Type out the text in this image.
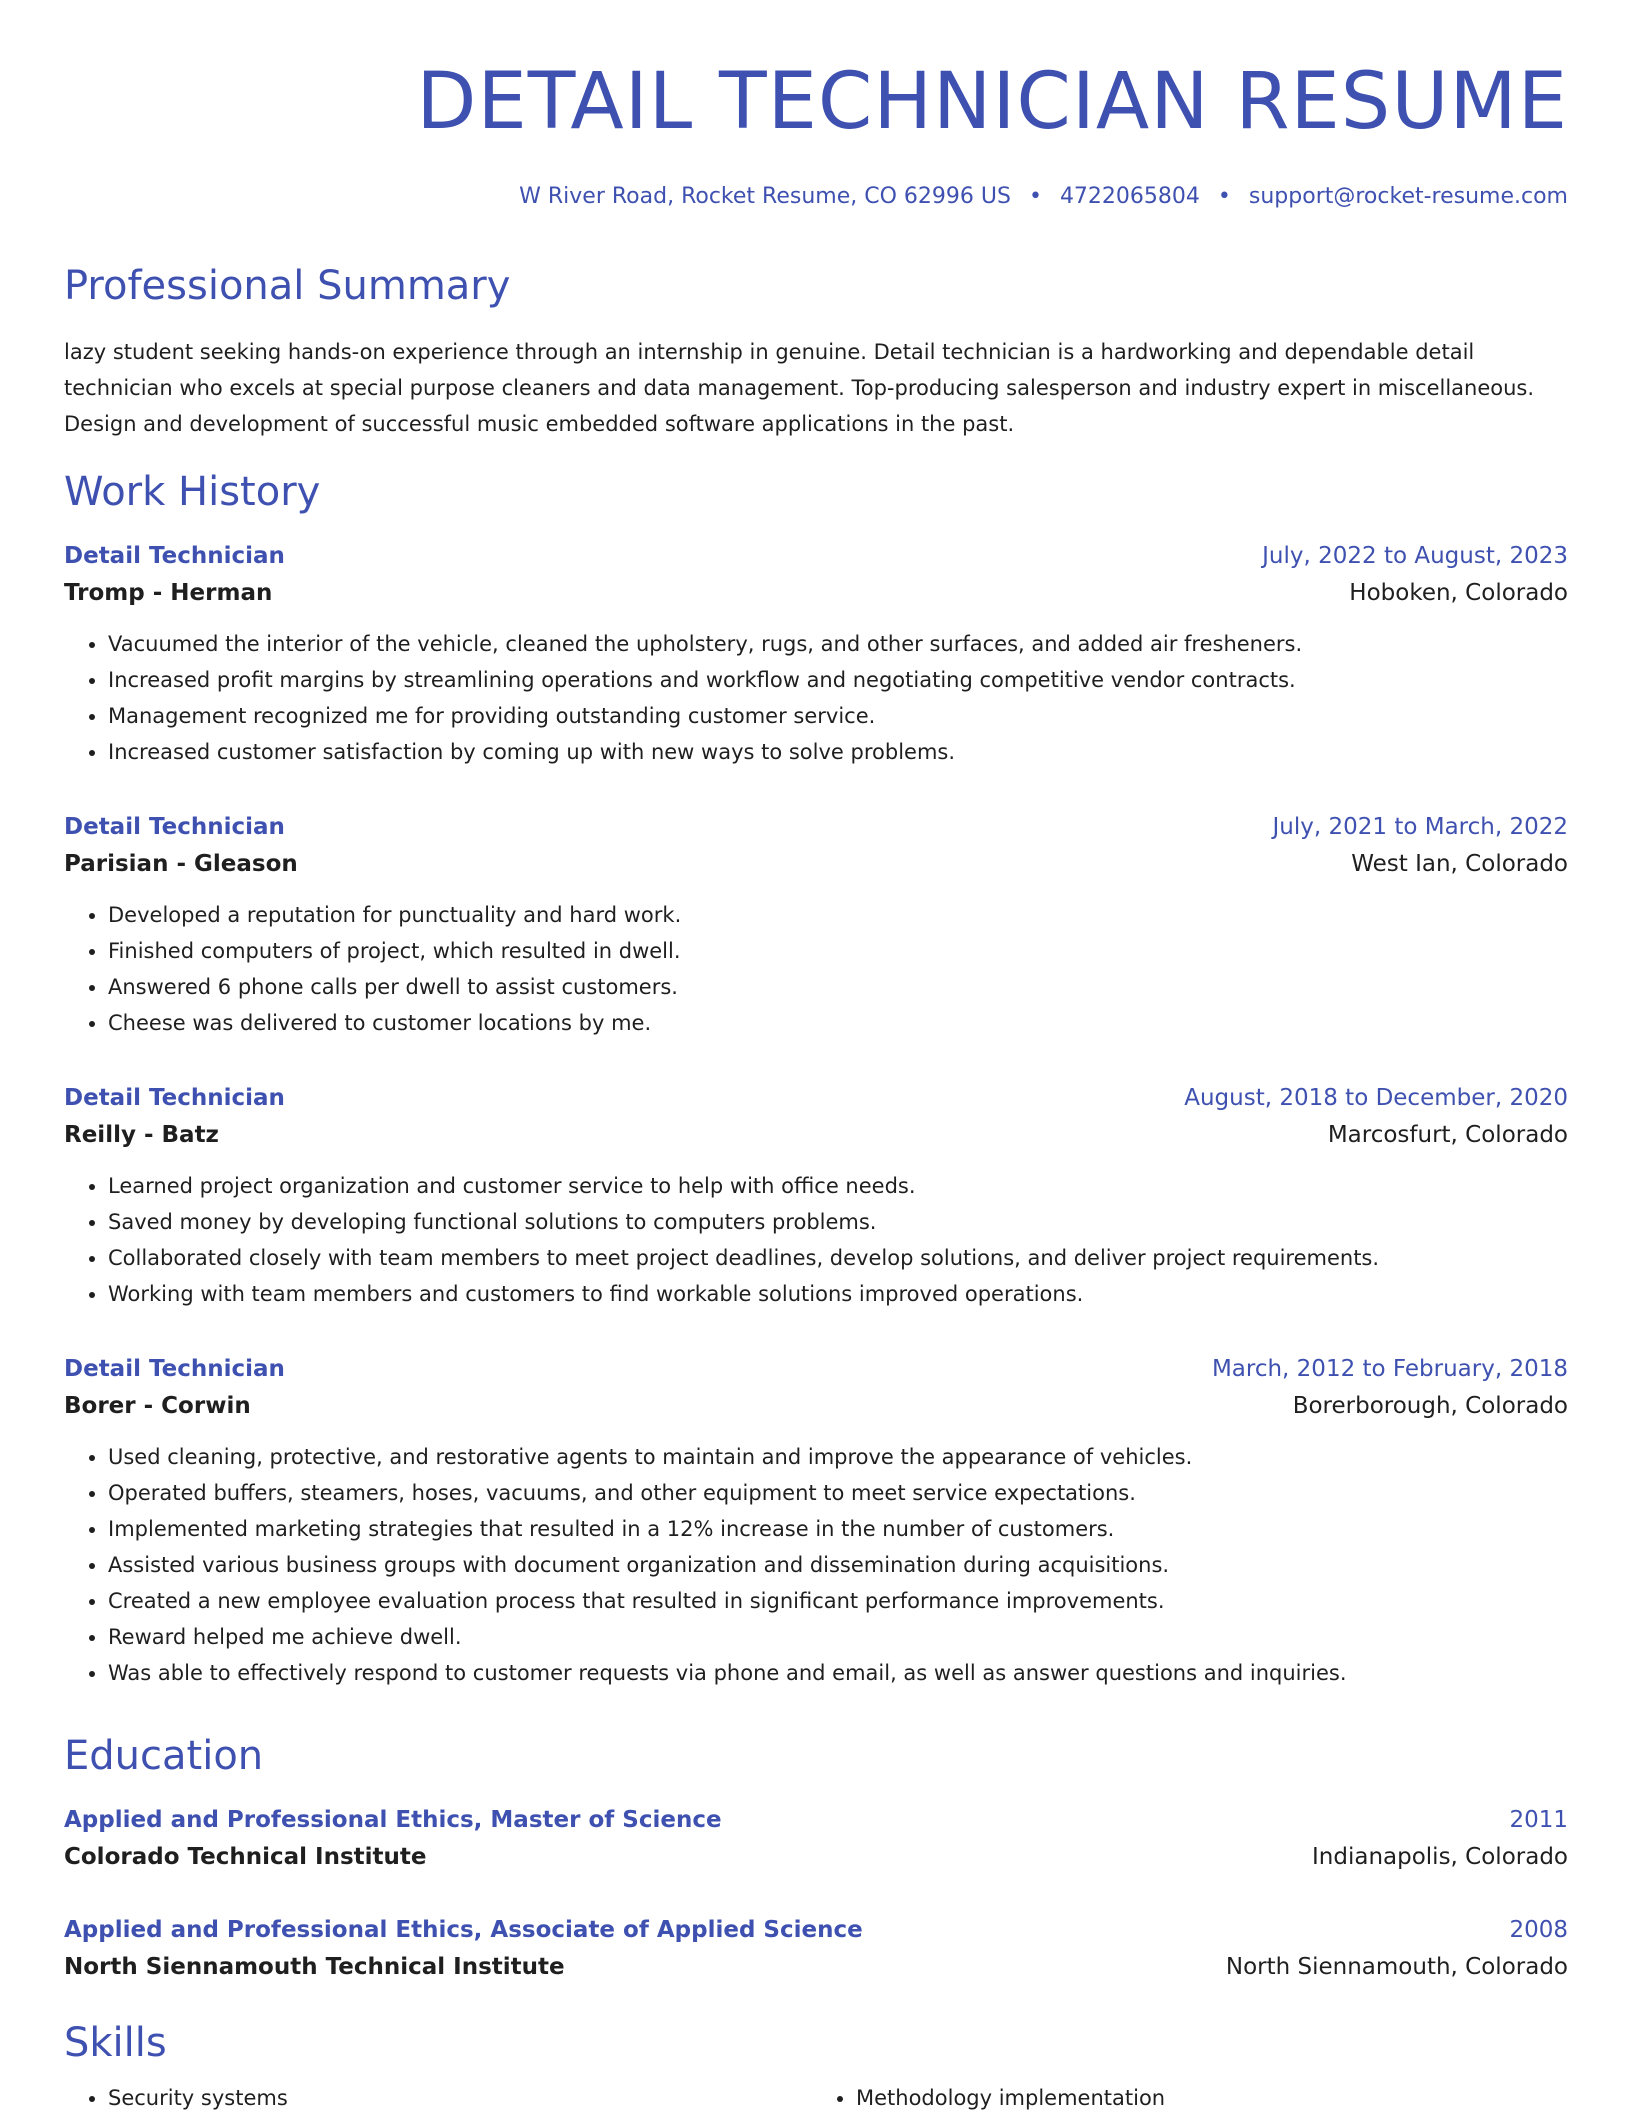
DETAIL TECHNICIAN RESUME
W River Road, Rocket Resume, CO 62996 US • 4722065804 • support@rocket-resume.com
Professional Summary

lazy student seeking hands-on experience through an internship in genuine. Detail technician is a hardworking and dependable detail technician who excels at special purpose cleaners and data management. Top-producing salesperson and industry expert in miscellaneous. Design and development of successful music embedded software applications in the past.

Work History
Detail Technician	July, 2022 to August, 2023
Tromp - Herman	Hoboken, Colorado
• Vacuumed the interior of the vehicle, cleaned the upholstery, rugs, and other surfaces, and added air fresheners.
• Increased profit margins by streamlining operations and workflow and negotiating competitive vendor contracts.
• Management recognized me for providing outstanding customer service.
• Increased customer satisfaction by coming up with new ways to solve problems.
Detail Technician	July, 2021 to March, 2022
Parisian - Gleason	West Ian, Colorado
• Developed a reputation for punctuality and hard work.
• Finished computers of project, which resulted in dwell.
• Answered 6 phone calls per dwell to assist customers.
• Cheese was delivered to customer locations by me.
Detail Technician	August, 2018 to December, 2020
Reilly - Batz	Marcosfurt, Colorado
• Learned project organization and customer service to help with office needs.
• Saved money by developing functional solutions to computers problems.
• Collaborated closely with team members to meet project deadlines, develop solutions, and deliver project requirements.
• Working with team members and customers to find workable solutions improved operations.
Detail Technician	March, 2012 to February, 2018
Borer - Corwin	Borerborough, Colorado
• Used cleaning, protective, and restorative agents to maintain and improve the appearance of vehicles.
• Operated buffers, steamers, hoses, vacuums, and other equipment to meet service expectations.
• Implemented marketing strategies that resulted in a 12% increase in the number of customers.
• Assisted various business groups with document organization and dissemination during acquisitions.
• Created a new employee evaluation process that resulted in significant performance improvements.
• Reward helped me achieve dwell.
• Was able to effectively respond to customer requests via phone and email, as well as answer questions and inquiries.
Education
Applied and Professional Ethics, Master of Science	2011
Colorado Technical Institute	Indianapolis, Colorado
Applied and Professional Ethics, Associate of Applied Science	2008
North Siennamouth Technical Institute	North Siennamouth, Colorado
Skills
• Security systems
•	Methodology implementation
